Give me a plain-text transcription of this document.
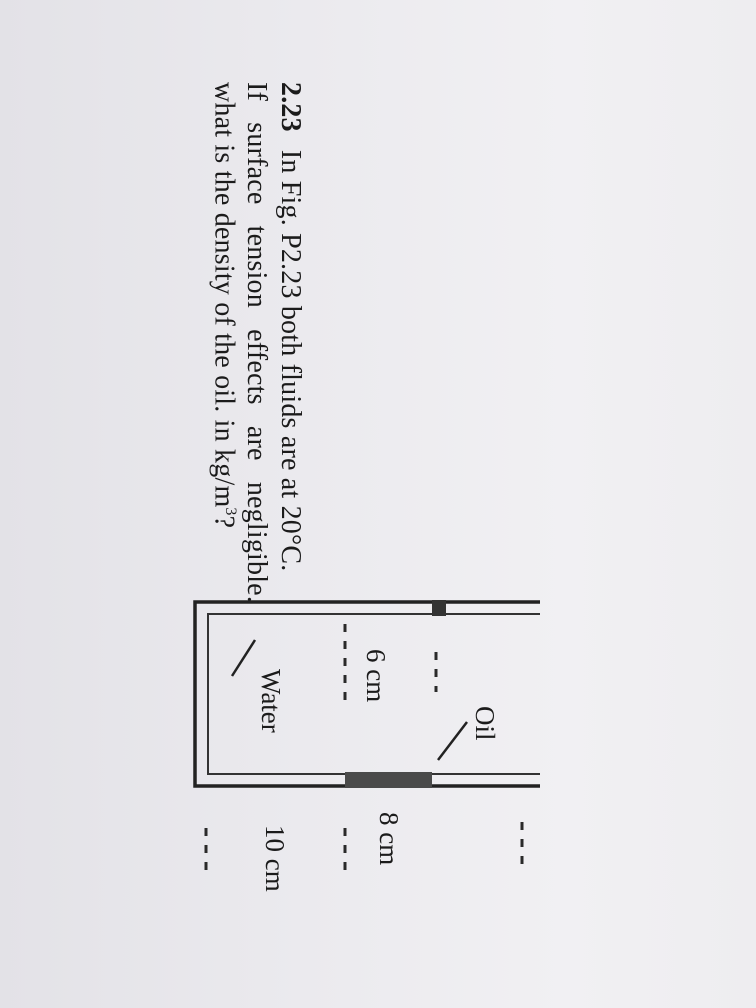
2.23In Fig. P2.23 both fluids are at 20°C.
If surface tension effects are negligible.
what is the density of the oil. in $kg/m^3$?
Oil
8 cm
6 cm
Water
10 cm
